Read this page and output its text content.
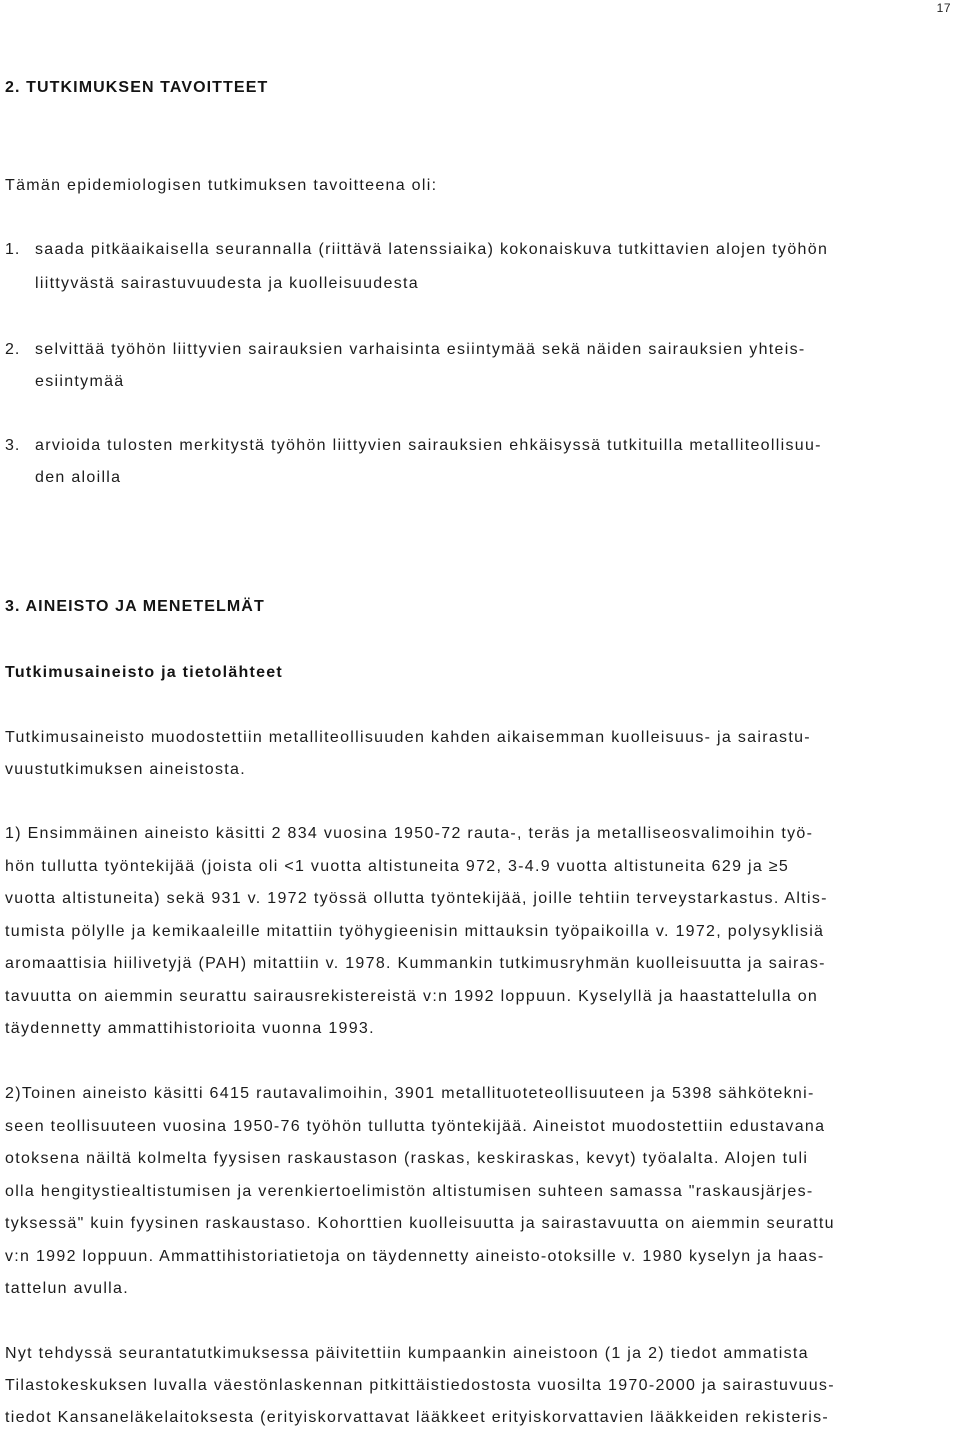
17
2. TUTKIMUKSEN TAVOITTEET
Tämän epidemiologisen tutkimuksen tavoitteena oli:
1. saada pitkäaikaisella seurannalla (riittävä latenssiaika) kokonaiskuva tutkittavien alojen työhön
liittyvästä sairastuvuudesta ja kuolleisuudesta
2. selvittää työhön liittyvien sairauksien varhaisinta esiintymää sekä näiden sairauksien yhteis-
esiintymää
3. arvioida tulosten merkitystä työhön liittyvien sairauksien ehkäisyssä tutkituilla metalliteollisuu-
den aloilla
3. AINEISTO JA MENETELMÄT
Tutkimusaineisto ja tietolähteet
Tutkimusaineisto muodostettiin metalliteollisuuden kahden aikaisemman kuolleisuus- ja sairastu-
vuustutkimuksen aineistosta.
1) Ensimmäinen aineisto käsitti 2 834 vuosina 1950-72 rauta-, teräs ja metalliseosvalimoihin työ-
hön tullutta työntekijää (joista oli <1 vuotta altistuneita 972, 3-4.9 vuotta altistuneita 629 ja ≥5
vuotta altistuneita) sekä 931 v. 1972 työssä ollutta työntekijää, joille tehtiin terveystarkastus. Altis-
tumista pölylle ja kemikaaleille mitattiin työhygieenisin mittauksin työpaikoilla v. 1972, polysyklisiä
aromaattisia hiilivetyjä (PAH) mitattiin v. 1978. Kummankin tutkimusryhmän kuolleisuutta ja sairas-
tavuutta on aiemmin seurattu sairausrekistereistä v:n 1992 loppuun. Kyselyllä ja haastattelulla on
täydennetty ammattihistorioita vuonna 1993.
2)Toinen aineisto käsitti 6415 rautavalimoihin, 3901 metallituoteteollisuuteen ja 5398 sähkötekni-
seen teollisuuteen vuosina 1950-76 työhön tullutta työntekijää. Aineistot muodostettiin edustavana
otoksena näiltä kolmelta fyysisen raskaustason (raskas, keskiraskas, kevyt) työalalta. Alojen tuli
olla hengitystiealtistumisen ja verenkiertoelimistön altistumisen suhteen samassa "raskausjärjes-
tyksessä" kuin fyysinen raskaustaso. Kohorttien kuolleisuutta ja sairastavuutta on aiemmin seurattu
v:n 1992 loppuun. Ammattihistoriatietoja on täydennetty aineisto-otoksille v. 1980 kyselyn ja haas-
tattelun avulla.
Nyt tehdyssä seurantatutkimuksessa päivitettiin kumpaankin aineistoon (1 ja 2) tiedot ammatista
Tilastokeskuksen luvalla väestönlaskennan pitkittäistiedostosta vuosilta 1970-2000 ja sairastuvuus-
tiedot Kansaneläkelaitoksesta (erityiskorvattavat lääkkeet erityiskorvattavien lääkkeiden rekisteris-
